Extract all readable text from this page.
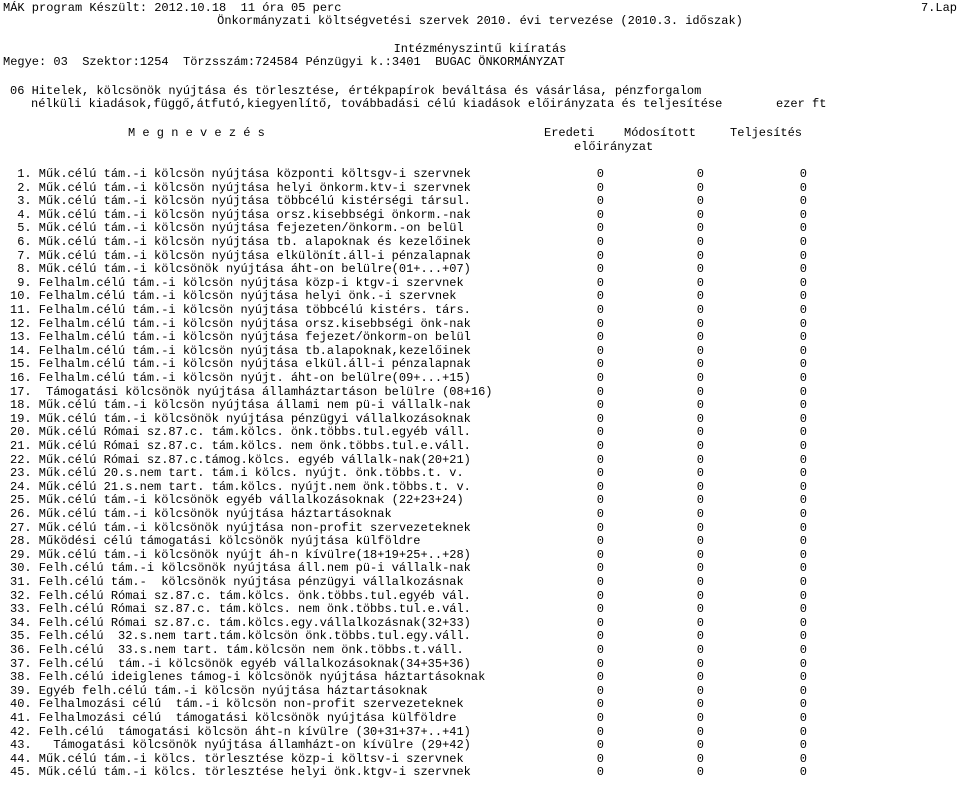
MÁK program Készült: 2012.10.18  11 óra 05 perc	7.Lap
Önkormányzati költségvetési szervek 2010. évi tervezése (2010.3. időszak)
Intézményszintű kiíratás
Megye: 03  Szektor:1254  Törzsszám:724584 Pénzügyi k.:3401  BUGAC ÖNKORMÁNYZAT
06 Hitelek, kölcsönök nyújtása és törlesztése, értékpapírok beváltása és vásárlása, pénzforgalom
nélküli kiadások,függő,átfutó,kiegyenlítő, továbbadási célú kiadások előirányzata és teljesítése	ezer ft
M e g n e v e z é s	Eredeti Módosított	Teljesítés
előirányzat
1. Műk.célú tám.-i kölcsön nyújtása központi költsgv-i szervnek	0	0	0
2. Műk.célú tám.-i kölcsön nyújtása helyi önkorm.ktv-i szervnek	0	0	0
3. Műk.célú tám.-i kölcsön nyújtása többcélú kistérségi társul.	0	0	0
4. Műk.célú tám.-i kölcsön nyújtása orsz.kisebbségi önkorm.-nak	0	0	0
5. Műk.célú tám.-i kölcsön nyújtása fejezeten/önkorm.-on belül	0	0	0
6. Műk.célú tám.-i kölcsön nyújtása tb. alapoknak és kezelőinek	0	0	0
7. Műk.célú tám.-i kölcsön nyújtása elkülönít.áll-i pénzalapnak	0	0	0
8. Műk.célú tám.-i kölcsönök nyújtása áht-on belülre(01+...+07)	0	0	0
9. Felhalm.célú tám.-i kölcsön nyújtása közp-i ktgv-i szervnek	0	0	0
10. Felhalm.célú tám.-i kölcsön nyújtása helyi önk.-i szervnek	0	0	0
11. Felhalm.célú tám.-i kölcsön nyújtása többcélú kistérs. társ.	0	0	0
12. Felhalm.célú tám.-i kölcsön nyújtása orsz.kisebbségi önk-nak	0	0	0
13. Felhalm.célú tám.-i kölcsön nyújtása fejezet/önkorm-on belül	0	0	0
14. Felhalm.célú tám.-i kölcsön nyújtása tb.alapoknak,kezelőinek	0	0	0
15. Felhalm.célú tám.-i kölcsön nyújtása elkül.áll-i pénzalapnak	0	0	0
16. Felhalm.célú tám.-i kölcsön nyújt. áht-on belülre(09+...+15)	0	0	0
17.  Támogatási kölcsönök nyújtása államháztartáson belülre (08+16)	0	0	0
18. Műk.célú tám.-i kölcsön nyújtása állami nem pü-i vállalk-nak	0	0	0
19. Műk.célú tám.-i kölcsönök nyújtása pénzügyi vállalkozásoknak	0	0	0
20. Műk.célú Római sz.87.c. tám.kölcs. önk.többs.tul.egyéb váll.	0	0	0
21. Műk.célú Római sz.87.c. tám.kölcs. nem önk.többs.tul.e.váll.	0	0	0
22. Műk.célú Római sz.87.c.támog.kölcs. egyéb vállalk-nak(20+21)	0	0	0
23. Műk.célú 20.s.nem tart. tám.i kölcs. nyújt. önk.többs.t. v.	0	0	0
24. Műk.célú 21.s.nem tart. tám.kölcs. nyújt.nem önk.többs.t. v.	0	0	0
25. Műk.célú tám.-i kölcsönök egyéb vállalkozásoknak (22+23+24)	0	0	0
26. Műk.célú tám.-i kölcsönök nyújtása háztartásoknak	0	0	0
27. Műk.célú tám.-i kölcsönök nyújtása non-profit szervezeteknek	0	0	0
28. Működési célú támogatási kölcsönök nyújtása külföldre	0	0	0
29. Műk.célú tám.-i kölcsönök nyújt áh-n kívülre(18+19+25+..+28)	0	0	0
30. Felh.célú tám.-i kölcsönök nyújtása áll.nem pü-i vállalk-nak	0	0	0
31. Felh.célú tám.-  kölcsönök nyújtása pénzügyi vállalkozásnak	0	0	0
32. Felh.célú Római sz.87.c. tám.kölcs. önk.többs.tul.egyéb vál.	0	0	0
33. Felh.célú Római sz.87.c. tám.kölcs. nem önk.többs.tul.e.vál.	0	0	0
34. Felh.célú Római sz.87.c. tám.kölcs.egy.vállalkozásnak(32+33)	0	0	0
35. Felh.célú  32.s.nem tart.tám.kölcsön önk.többs.tul.egy.váll.	0	0	0
36. Felh.célú  33.s.nem tart. tám.kölcsön nem önk.többs.t.váll.	0	0	0
37. Felh.célú  tám.-i kölcsönök egyéb vállalkozásoknak(34+35+36)	0	0	0
38. Felh.célú ideiglenes támog-i kölcsönök nyújtása háztartásoknak	0	0	0
39. Egyéb felh.célú tám.-i kölcsön nyújtása háztartásoknak	0	0	0
40. Felhalmozási célú  tám.-i kölcsön non-profit szervezeteknek	0	0	0
41. Felhalmozási célú  támogatási kölcsönök nyújtása külföldre	0	0	0
42. Felh.célú  támogatási kölcsön áht-n kívülre (30+31+37+..+41)	0	0	0
43.   Támogatási kölcsönök nyújtása államházt-on kívülre (29+42)	0	0	0
44. Műk.célú tám.-i kölcs. törlesztése közp-i költsv-i szervnek	0	0	0
45. Műk.célú tám.-i kölcs. törlesztése helyi önk.ktgv-i szervnek	0	0	0
